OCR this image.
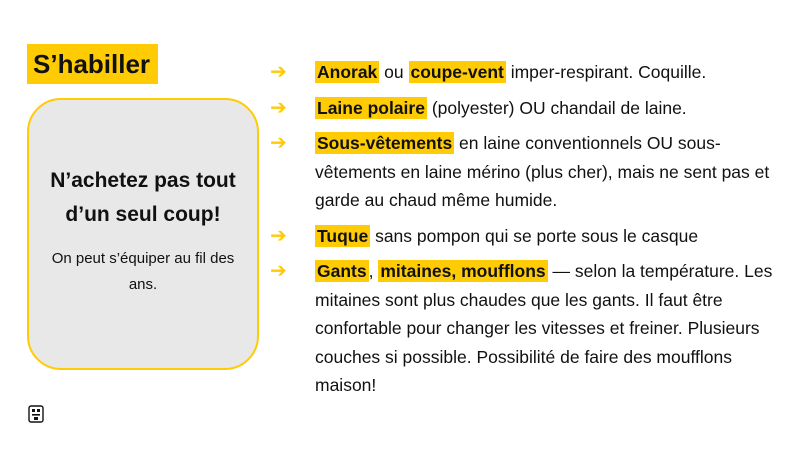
S’habiller
N’achetez pas tout d’un seul coup!
On peut s’équiper au fil des ans.
➔ Anorak ou coupe-vent imper-respirant. Coquille.
➔ Laine polaire (polyester) OU chandail de laine.
➔ Sous-vêtements en laine conventionnels OU sous-vêtements en laine mérino (plus cher), mais ne sent pas et garde au chaud même humide.
➔ Tuque sans pompon qui se porte sous le casque
➔ Gants , mitaines, moufflons — selon la température. Les mitaines sont plus chaudes que les gants. Il faut être confortable pour changer les vitesses et freiner. Plusieurs couches si possible. Possibilité de faire des moufflons maison!
